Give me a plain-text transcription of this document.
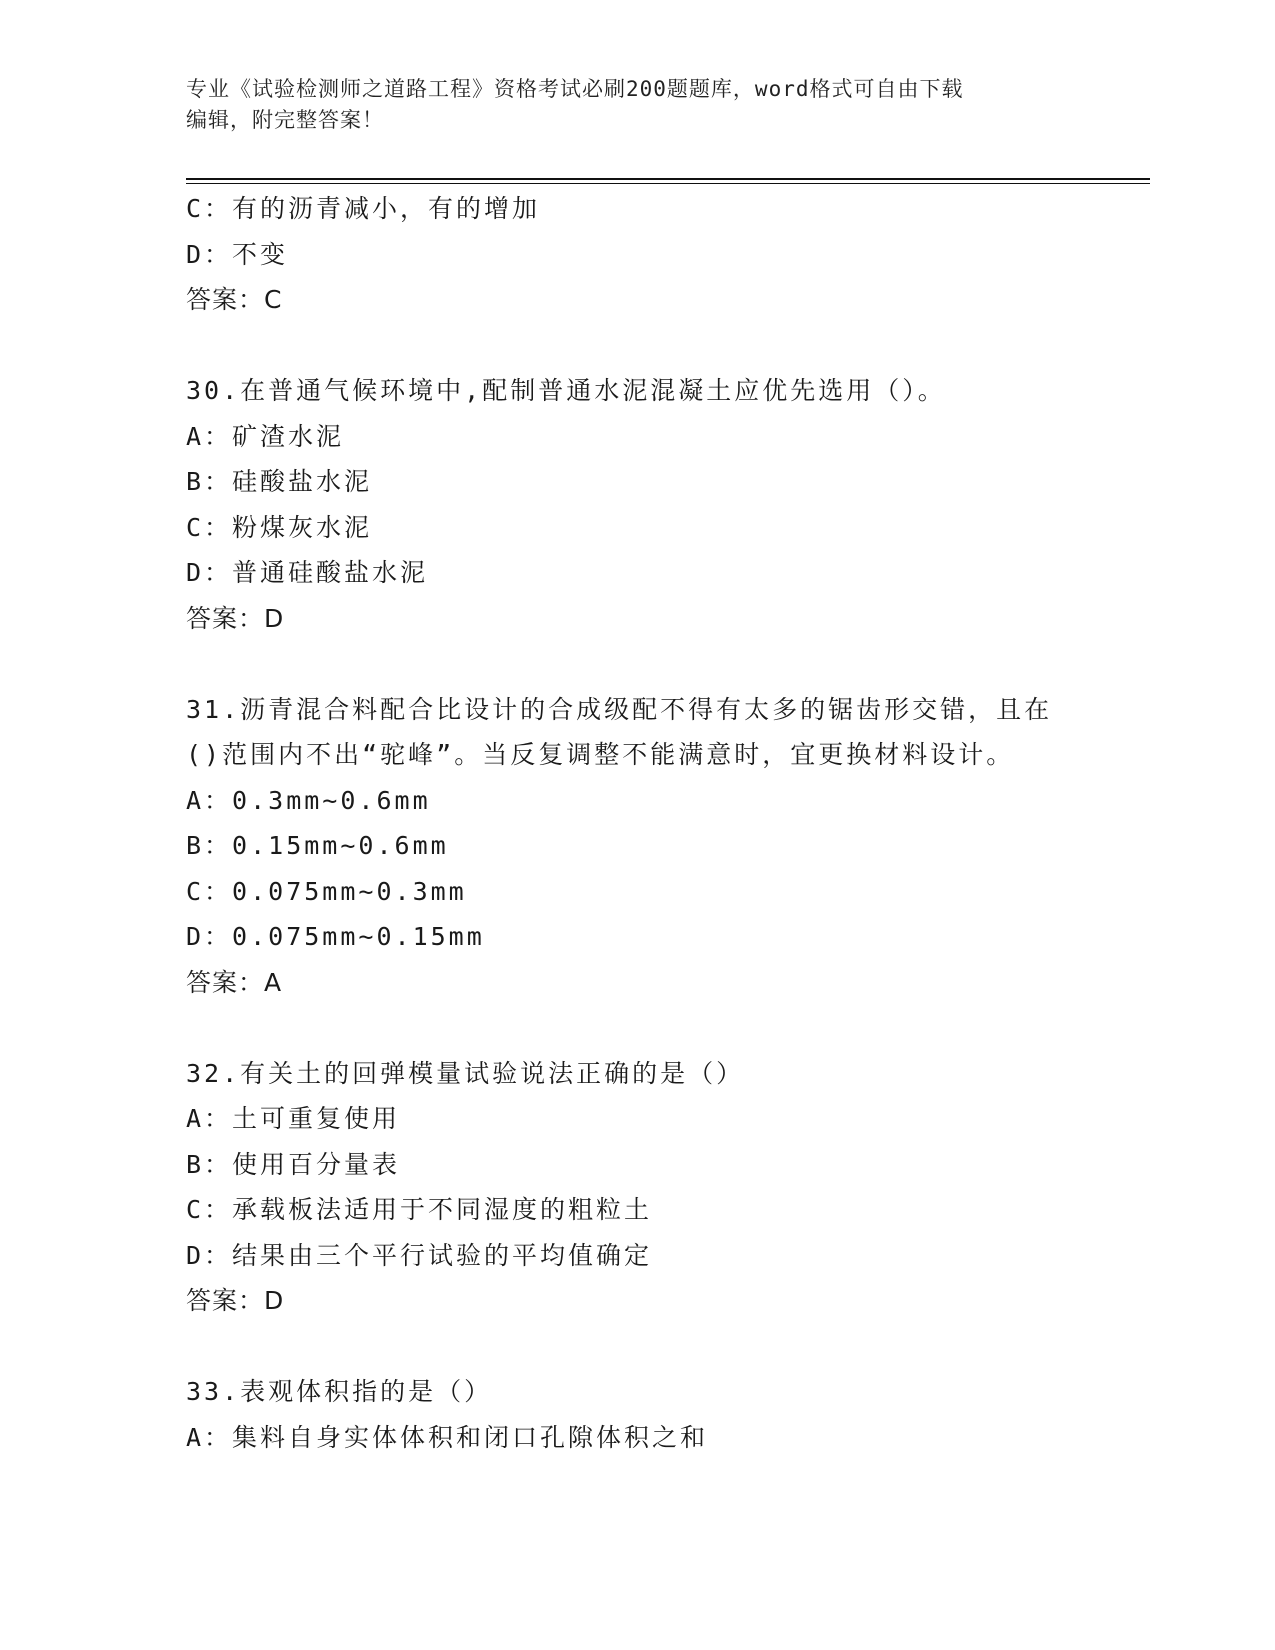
专业《试验检测师之道路工程》资格考试必刷200题题库，word格式可自由下载
编辑，附完整答案！
C：有的沥青减小，有的增加
D：不变
答案：C
30.在普通气候环境中,配制普通水泥混凝土应优先选用（）。
A：矿渣水泥
B：硅酸盐水泥
C：粉煤灰水泥
D：普通硅酸盐水泥
答案：D
31.沥青混合料配合比设计的合成级配不得有太多的锯齿形交错，且在
()范围内不出“驼峰”。当反复调整不能满意时，宜更换材料设计。
A：0.3mm~0.6mm
B：0.15mm~0.6mm
C：0.075mm~0.3mm
D：0.075mm~0.15mm
答案：A
32.有关土的回弹模量试验说法正确的是（）
A：土可重复使用
B：使用百分量表
C：承载板法适用于不同湿度的粗粒土
D：结果由三个平行试验的平均值确定
答案：D
33.表观体积指的是（）
A：集料自身实体体积和闭口孔隙体积之和
